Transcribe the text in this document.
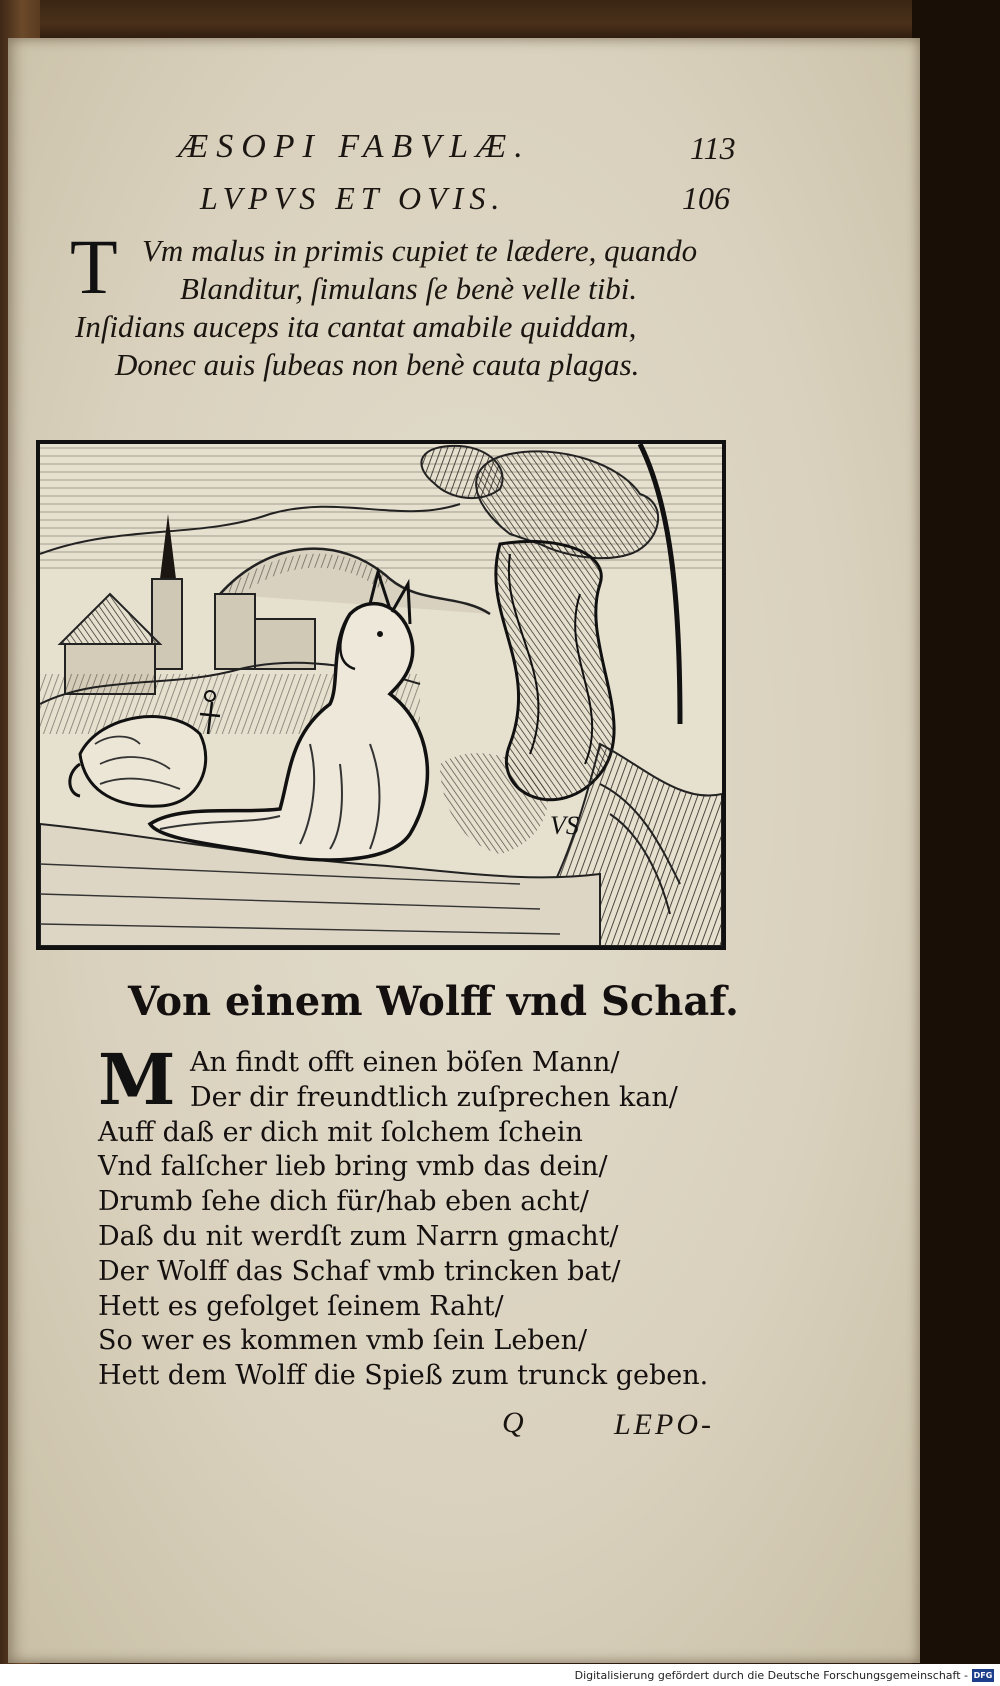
ÆSOPI FABVLÆ.	113
LVPVS ET OVIS.	106
T Vm malus in primis cupiet te lædere, quando
Blanditur, ſimulans ſe benè velle tibi.
Inſidians auceps ita cantat amabile quiddam,
Donec auis ſubeas non benè cauta plagas.
VS
Von einem Wolff vnd Schaf.
M An findt offt einen böſen Mann/
Der dir freundtlich zuſprechen kan/
Auff daß er dich mit ſolchem ſchein
Vnd falſcher lieb bring vmb das dein/
Drumb ſehe dich für/hab eben acht/
Daß du nit werdſt zum Narrn gmacht/
Der Wolff das Schaf vmb trincken bat/
Hett es gefolget ſeinem Raht/
So wer es kommen vmb ſein Leben/
Hett dem Wolff die Spieß zum trunck geben.
Q	LEPO-
Digitalisierung gefördert durch die Deutsche Forschungsgemeinschaft - DFG
